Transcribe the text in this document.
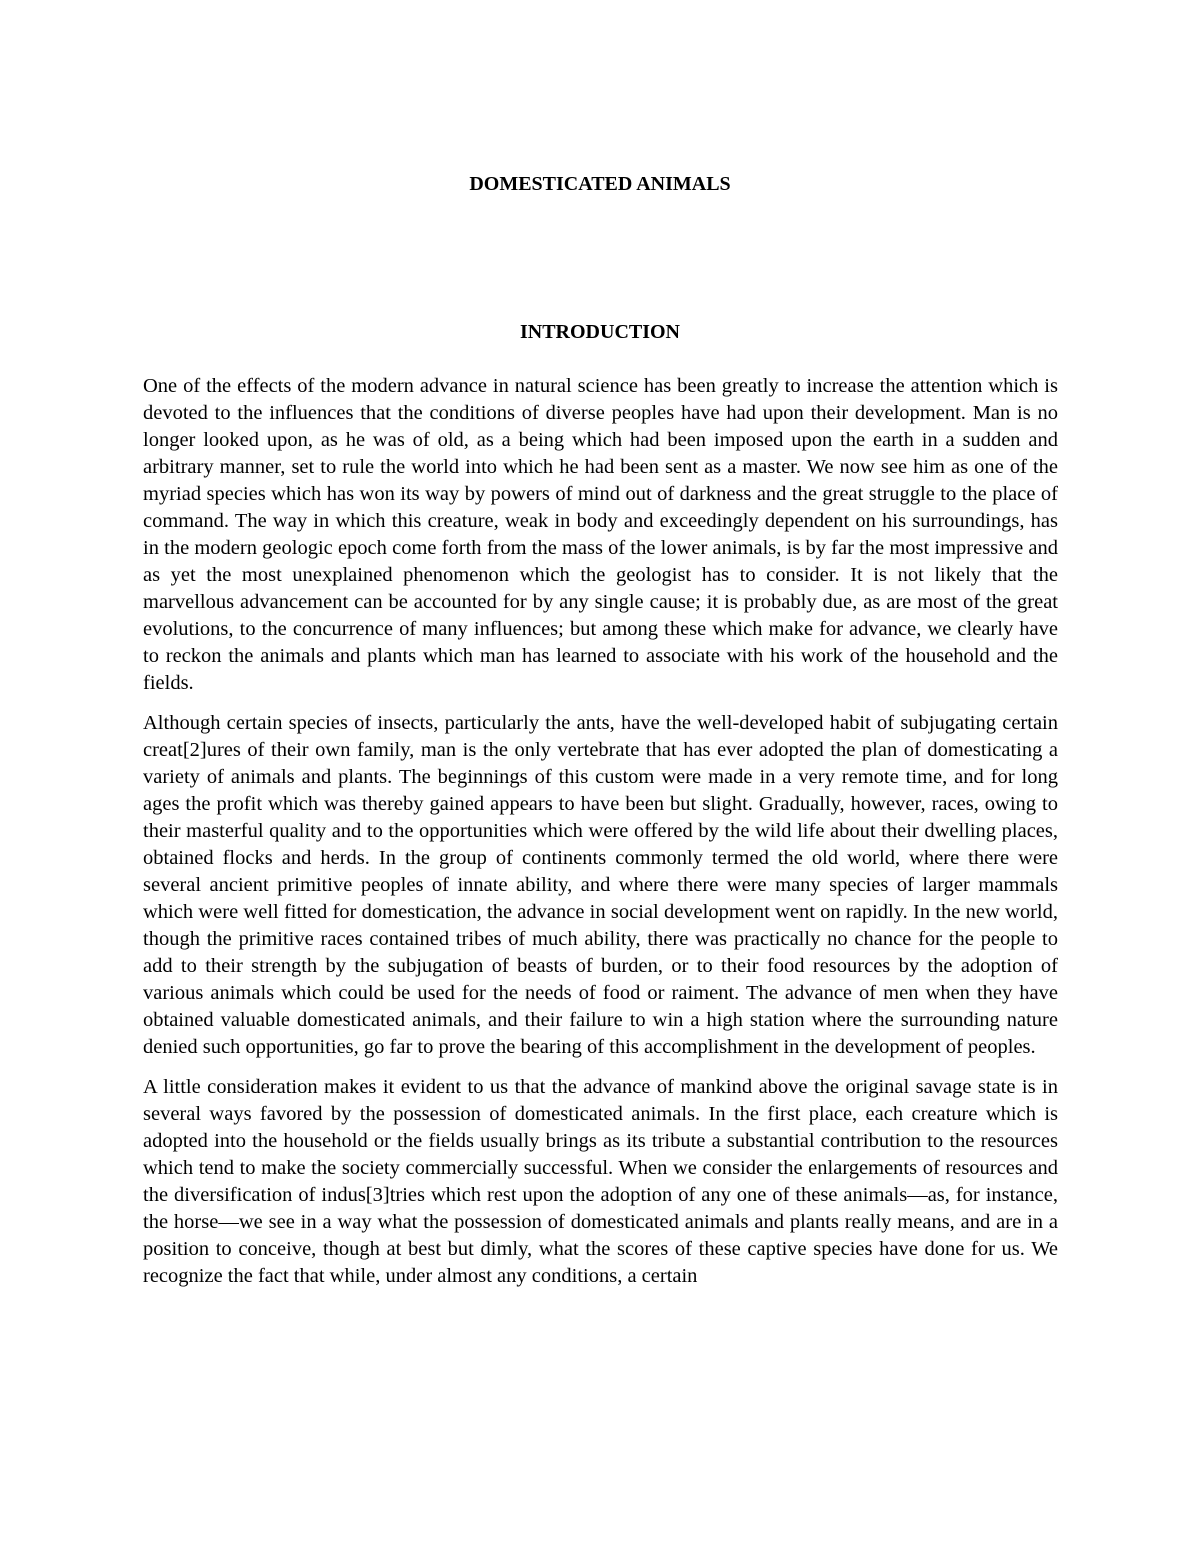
DOMESTICATED ANIMALS
INTRODUCTION

One of the effects of the modern advance in natural science has been greatly to increase the attention which is devoted to the influences that the conditions of diverse peoples have had upon their development. Man is no longer looked upon, as he was of old, as a being which had been imposed upon the earth in a sudden and arbitrary manner, set to rule the world into which he had been sent as a master. We now see him as one of the myriad species which has won its way by powers of mind out of darkness and the great struggle to the place of command. The way in which this creature, weak in body and exceedingly dependent on his surroundings, has in the modern geologic epoch come forth from the mass of the lower animals, is by far the most impressive and as yet the most unexplained phenomenon which the geologist has to consider. It is not likely that the marvellous advancement can be accounted for by any single cause; it is probably due, as are most of the great evolutions, to the concurrence of many influences; but among these which make for advance, we clearly have to reckon the animals and plants which man has learned to associate with his work of the household and the fields.

Although certain species of insects, particularly the ants, have the well-developed habit of subjugating certain creat[2]ures of their own family, man is the only vertebrate that has ever adopted the plan of domesticating a variety of animals and plants. The beginnings of this custom were made in a very remote time, and for long ages the profit which was thereby gained appears to have been but slight. Gradually, however, races, owing to their masterful quality and to the opportunities which were offered by the wild life about their dwelling places, obtained flocks and herds. In the group of continents commonly termed the old world, where there were several ancient primitive peoples of innate ability, and where there were many species of larger mammals which were well fitted for domestication, the advance in social development went on rapidly. In the new world, though the primitive races contained tribes of much ability, there was practically no chance for the people to add to their strength by the subjugation of beasts of burden, or to their food resources by the adoption of various animals which could be used for the needs of food or raiment. The advance of men when they have obtained valuable domesticated animals, and their failure to win a high station where the surrounding nature denied such opportunities, go far to prove the bearing of this accomplishment in the development of peoples.

A little consideration makes it evident to us that the advance of mankind above the original savage state is in several ways favored by the possession of domesticated animals. In the first place, each creature which is adopted into the household or the fields usually brings as its tribute a substantial contribution to the resources which tend to make the society commercially successful. When we consider the enlargements of resources and the diversification of indus[3]tries which rest upon the adoption of any one of these animals—as, for instance, the horse—we see in a way what the possession of domesticated animals and plants really means, and are in a position to conceive, though at best but dimly, what the scores of these captive species have done for us. We recognize the fact that while, under almost any conditions, a certain
